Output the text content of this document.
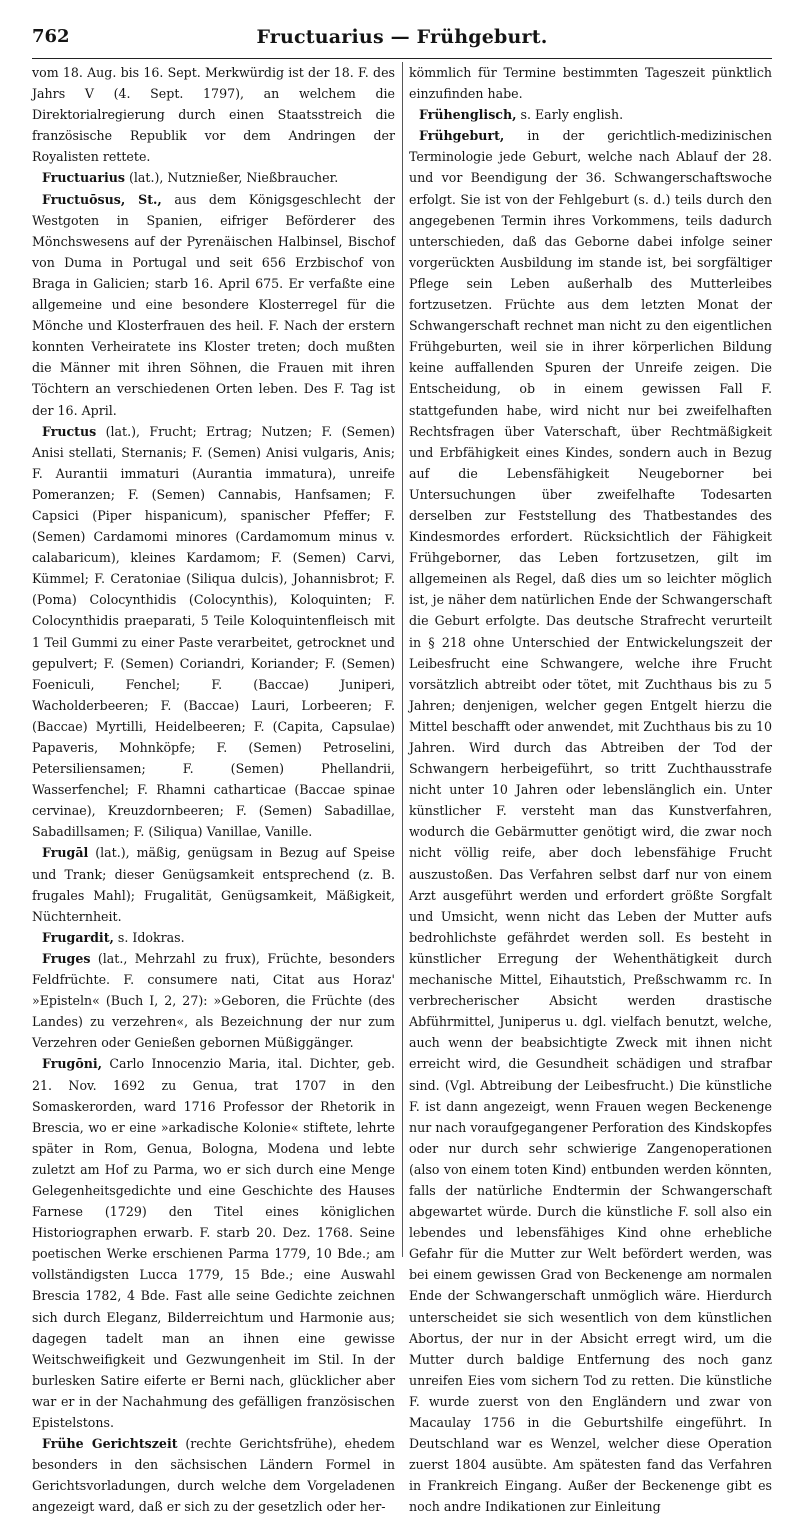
762	Fructuarius — Frühgeburt.

vom 18. Aug. bis 16. Sept. Merkwürdig ist der 18. F. des Jahrs V (4. Sept. 1797), an welchem die Direktorialregierung durch einen Staatsstreich die französische Republik vor dem Andringen der Royalisten rettete.

Fructuarius (lat.), Nutznießer, Nießbraucher.

Fructuōsus, St., aus dem Königsgeschlecht der Westgoten in Spanien, eifriger Beförderer des Mönchswesens auf der Pyrenäischen Halbinsel, Bischof von Duma in Portugal und seit 656 Erzbischof von Braga in Galicien; starb 16. April 675. Er verfaßte eine allgemeine und eine besondere Klosterregel für die Mönche und Klosterfrauen des heil. F. Nach der erstern konnten Verheiratete ins Kloster treten; doch mußten die Männer mit ihren Söhnen, die Frauen mit ihren Töchtern an verschiedenen Orten leben. Des F. Tag ist der 16. April.

Fructus (lat.), Frucht; Ertrag; Nutzen; F. (Semen) Anisi stellati, Sternanis; F. (Semen) Anisi vulgaris, Anis; F. Aurantii immaturi (Aurantia immatura), unreife Pomeranzen; F. (Semen) Cannabis, Hanfsamen; F. Capsici (Piper hispanicum), spanischer Pfeffer; F. (Semen) Cardamomi minores (Cardamomum minus v. calabaricum), kleines Kardamom; F. (Semen) Carvi, Kümmel; F. Ceratoniae (Siliqua dulcis), Johannisbrot; F. (Poma) Colocynthidis (Colocynthis), Koloquinten; F. Colocynthidis praeparati, 5 Teile Koloquintenfleisch mit 1 Teil Gummi zu einer Paste verarbeitet, getrocknet und gepulvert; F. (Semen) Coriandri, Koriander; F. (Semen) Foeniculi, Fenchel; F. (Baccae) Juniperi, Wacholderbeeren; F. (Baccae) Lauri, Lorbeeren; F. (Baccae) Myrtilli, Heidelbeeren; F. (Capita, Capsulae) Papaveris, Mohnköpfe; F. (Semen) Petroselini, Petersiliensamen; F. (Semen) Phellandrii, Wasserfenchel; F. Rhamni catharticae (Baccae spinae cervinae), Kreuzdornbeeren; F. (Semen) Sabadillae, Sabadillsamen; F. (Siliqua) Vanillae, Vanille.

Frugāl (lat.), mäßig, genügsam in Bezug auf Speise und Trank; dieser Genügsamkeit entsprechend (z. B. frugales Mahl); Frugalität, Genügsamkeit, Mäßigkeit, Nüchternheit.

Frugardit, s. Idokras.

Fruges (lat., Mehrzahl zu frux), Früchte, besonders Feldfrüchte. F. consumere nati, Citat aus Horaz' »Episteln« (Buch I, 2, 27): »Geboren, die Früchte (des Landes) zu verzehren«, als Bezeichnung der nur zum Verzehren oder Genießen gebornen Müßiggänger.

Frugōni, Carlo Innocenzio Maria, ital. Dichter, geb. 21. Nov. 1692 zu Genua, trat 1707 in den Somaskerorden, ward 1716 Professor der Rhetorik in Brescia, wo er eine »arkadische Kolonie« stiftete, lehrte später in Rom, Genua, Bologna, Modena und lebte zuletzt am Hof zu Parma, wo er sich durch eine Menge Gelegenheitsgedichte und eine Geschichte des Hauses Farnese (1729) den Titel eines königlichen Historiographen erwarb. F. starb 20. Dez. 1768. Seine poetischen Werke erschienen Parma 1779, 10 Bde.; am vollständigsten Lucca 1779, 15 Bde.; eine Auswahl Brescia 1782, 4 Bde. Fast alle seine Gedichte zeichnen sich durch Eleganz, Bilderreichtum und Harmonie aus; dagegen tadelt man an ihnen eine gewisse Weitschweifigkeit und Gezwungenheit im Stil. In der burlesken Satire eiferte er Berni nach, glücklicher aber war er in der Nachahmung des gefälligen französischen Epistelstons.

Frühe Gerichtszeit (rechte Gerichtsfrühe), ehedem besonders in den sächsischen Ländern Formel in Gerichtsvorladungen, durch welche dem Vorgeladenen angezeigt ward, daß er sich zu der gesetzlich oder her-

kömmlich für Termine bestimmten Tageszeit pünktlich einzufinden habe.

Frühenglisch, s. Early english.

Frühgeburt, in der gerichtlich-medizinischen Terminologie jede Geburt, welche nach Ablauf der 28. und vor Beendigung der 36. Schwangerschaftswoche erfolgt. Sie ist von der Fehlgeburt (s. d.) teils durch den angegebenen Termin ihres Vorkommens, teils dadurch unterschieden, daß das Geborne dabei infolge seiner vorgerückten Ausbildung im stande ist, bei sorgfältiger Pflege sein Leben außerhalb des Mutterleibes fortzusetzen. Früchte aus dem letzten Monat der Schwangerschaft rechnet man nicht zu den eigentlichen Frühgeburten, weil sie in ihrer körperlichen Bildung keine auffallenden Spuren der Unreife zeigen. Die Entscheidung, ob in einem gewissen Fall F. stattgefunden habe, wird nicht nur bei zweifelhaften Rechtsfragen über Vaterschaft, über Rechtmäßigkeit und Erbfähigkeit eines Kindes, sondern auch in Bezug auf die Lebensfähigkeit Neugeborner bei Untersuchungen über zweifelhafte Todesarten derselben zur Feststellung des Thatbestandes des Kindesmordes erfordert. Rücksichtlich der Fähigkeit Frühgeborner, das Leben fortzusetzen, gilt im allgemeinen als Regel, daß dies um so leichter möglich ist, je näher dem natürlichen Ende der Schwangerschaft die Geburt erfolgte. Das deutsche Strafrecht verurteilt in § 218 ohne Unterschied der Entwickelungszeit der Leibesfrucht eine Schwangere, welche ihre Frucht vorsätzlich abtreibt oder tötet, mit Zuchthaus bis zu 5 Jahren; denjenigen, welcher gegen Entgelt hierzu die Mittel beschafft oder anwendet, mit Zuchthaus bis zu 10 Jahren. Wird durch das Abtreiben der Tod der Schwangern herbeigeführt, so tritt Zuchthausstrafe nicht unter 10 Jahren oder lebenslänglich ein. Unter künstlicher F. versteht man das Kunstverfahren, wodurch die Gebärmutter genötigt wird, die zwar noch nicht völlig reife, aber doch lebensfähige Frucht auszustoßen. Das Verfahren selbst darf nur von einem Arzt ausgeführt werden und erfordert größte Sorgfalt und Umsicht, wenn nicht das Leben der Mutter aufs bedrohlichste gefährdet werden soll. Es besteht in künstlicher Erregung der Wehenthätigkeit durch mechanische Mittel, Eihautstich, Preßschwamm rc. In verbrecherischer Absicht werden drastische Abführmittel, Juniperus u. dgl. vielfach benutzt, welche, auch wenn der beabsichtigte Zweck mit ihnen nicht erreicht wird, die Gesundheit schädigen und strafbar sind. (Vgl. Abtreibung der Leibesfrucht.) Die künstliche F. ist dann angezeigt, wenn Frauen wegen Beckenenge nur nach voraufgegangener Perforation des Kindskopfes oder nur durch sehr schwierige Zangenoperationen (also von einem toten Kind) entbunden werden könnten, falls der natürliche Endtermin der Schwangerschaft abgewartet würde. Durch die künstliche F. soll also ein lebendes und lebensfähiges Kind ohne erhebliche Gefahr für die Mutter zur Welt befördert werden, was bei einem gewissen Grad von Beckenenge am normalen Ende der Schwangerschaft unmöglich wäre. Hierdurch unterscheidet sie sich wesentlich von dem künstlichen Abortus, der nur in der Absicht erregt wird, um die Mutter durch baldige Entfernung des noch ganz unreifen Eies vom sichern Tod zu retten. Die künstliche F. wurde zuerst von den Engländern und zwar von Macaulay 1756 in die Geburtshilfe eingeführt. In Deutschland war es Wenzel, welcher diese Operation zuerst 1804 ausübte. Am spätesten fand das Verfahren in Frankreich Eingang. Außer der Beckenenge gibt es noch andre Indikationen zur Einleitung
